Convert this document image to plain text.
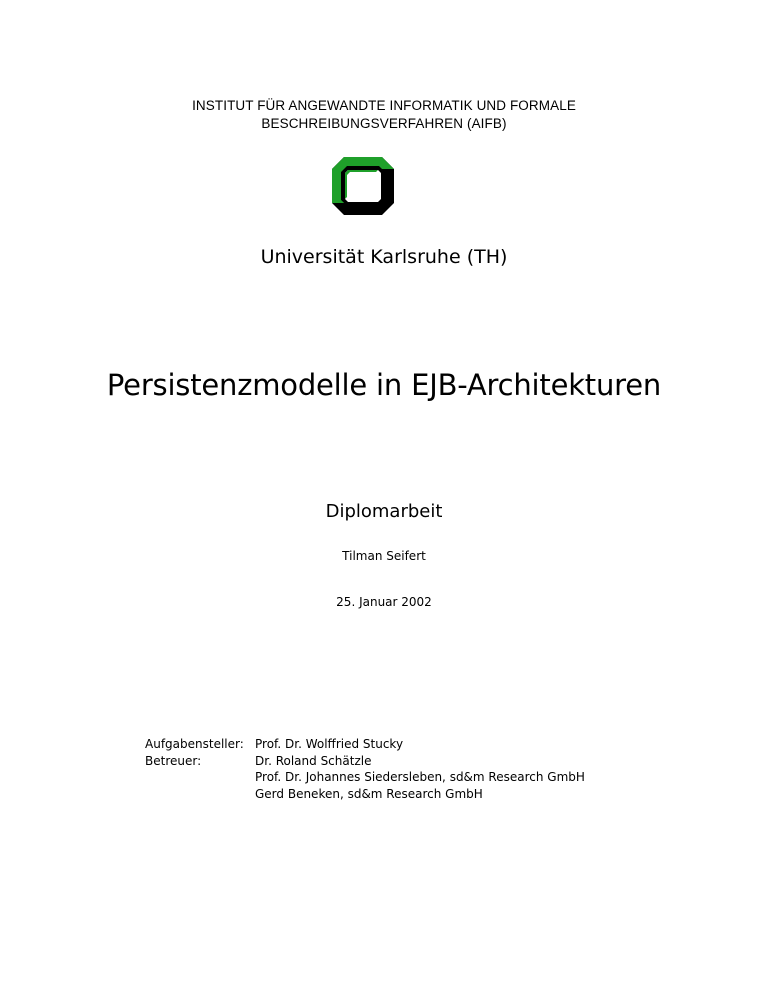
INSTITUT FÜR ANGEWANDTE INFORMATIK UND FORMALE
BESCHREIBUNGSVERFAHREN (AIFB)
Universität Karlsruhe (TH)
Persistenzmodelle in EJB-Architekturen
Diplomarbeit
Tilman Seifert
25. Januar 2002
Aufgabensteller: Prof. Dr. Wolffried Stucky
Betreuer:	Dr. Roland Schätzle
Prof. Dr. Johannes Siedersleben, sd&m Research GmbH
Gerd Beneken, sd&m Research GmbH
